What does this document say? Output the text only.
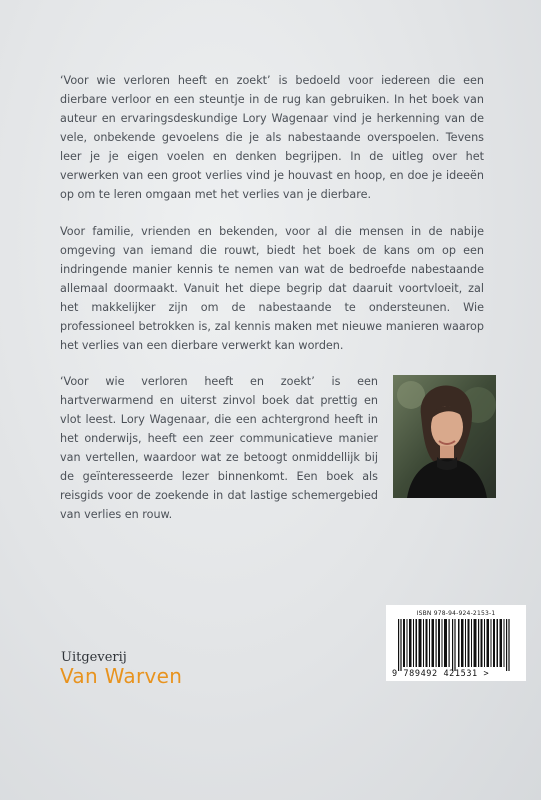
‘Voor wie verloren heeft en zoekt’ is bedoeld voor iedereen die een dierbare verloor en een steuntje in de rug kan gebruiken. In het boek van auteur en ervaringsdeskundige Lory Wagenaar vind je herkenning van de vele, onbekende gevoelens die je als nabestaande overspoelen. Tevens leer je je eigen voelen en denken begrijpen. In de uitleg over het verwerken van een groot verlies vind je houvast en hoop, en doe je ideeën op om te leren omgaan met het verlies van je dierbare.

Voor familie, vrienden en bekenden, voor al die mensen in de nabije omgeving van iemand die rouwt, biedt het boek de kans om op een indringende manier kennis te nemen van wat de bedroefde nabestaande allemaal doormaakt. Vanuit het diepe begrip dat daaruit voortvloeit, zal het makkelijker zijn om de nabestaande te ondersteunen. Wie professioneel betrokken is, zal kennis maken met nieuwe manieren waarop het verlies van een dierbare verwerkt kan worden.

‘Voor wie verloren heeft en zoekt’ is een hartverwarmend en uiterst zinvol boek dat prettig en vlot leest. Lory Wagenaar, die een achtergrond heeft in het onderwijs, heeft een zeer communicatieve manier van vertellen, waardoor wat ze betoogt onmiddellijk bij de geïnteresseerde lezer binnenkomt. Een boek als reisgids voor de zoekende in dat lastige schemergebied van verlies en rouw.

ISBN 978-94-924-2153-1
9 789492 421531 >
Uitgeverij
Van Warven
